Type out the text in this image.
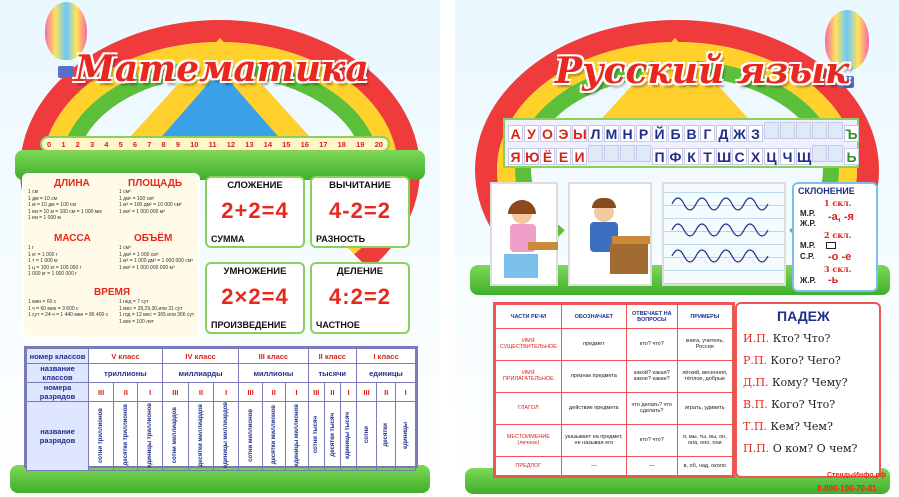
Математика
0 1 2 3 4 5 6 7 8 9 10 11 12 13 14 15 16 17 18 19 20
ДЛИНА
1 см
1 дм = 10 см
1 м = 10 дм = 100 см
1 км = 10 м = 100 см = 1 000 мм
1 км = 1 000 м
ПЛОЩАДЬ
1 см²
1 дм² = 100 см²
1 м² = 100 дм² = 10 000 см²
1 км² = 1 000 000 м²
МАССА
1 г
1 кг = 1 000 г
1 т = 1 000 кг
1 ц = 100 кг = 100 000 г
1 000 кг = 1 000 000 г
ОБЪЁМ
1 см³
1 дм³ = 1 000 см³
1 м³ = 1 000 дм³ = 1 000 000 см³
1 км³ = 1 000 000 000 м³
ВРЕМЯ
1 мин = 60 с
1 ч = 60 мин = 3 600 с
1 сут = 24 ч = 1 440 мин = 86 400 с
1 нед = 7 сут
1 мес = 28,29,30,или 31 сут
1 год = 12 мес = 365 или 366 сут
1 век = 100 лет
СЛОЖЕНИЕ
2+2=4
СУММА
ВЫЧИТАНИЕ
4-2=2
РАЗНОСТЬ
УМНОЖЕНИЕ
2×2=4
ПРОИЗВЕДЕНИЕ
ДЕЛЕНИЕ
4:2=2
ЧАСТНОЕ
номер классов	V класс			IV класс			III класс			II класс			I класс		
название классов	триллионы			миллиарды			миллионы			тысячи			единицы		
номера разрядов	III	II	I	III	II	I	III	II	I	III	II	I	III	II	I
название разрядов	сотни триллионов	десятки триллионов	единицы триллионов	сотни миллиардов	десятки миллиардов	единицы миллиардов	сотни миллионов	десятки миллионов	единицы миллионов	сотни тысяч	десятки тысяч	единицы тысяч	сотни	десятки	единицы
Русский язык
А У О Э Ы Л М Н Р Й Б В Г Д Ж З	Ъ
Я Ю Ё Е И	П Ф К Т Ш С Х Ц Ч Щ	Ь
СКЛОНЕНИЕ
1 скл.
М.Р.
Ж.Р.
-а, -я
2 скл.
М.Р.
С.Р. -о -е
3 скл.
Ж.Р. -ь
ЧАСТИ РЕЧИ	ОБОЗНАЧАЕТ	ОТВЕЧАЕТ НА ВОПРОСЫ	ПРИМЕРЫ
ИМЯ СУЩЕСТВИТЕЛЬНОЕ	предмет	кто? что?	книга, учитель, Россия
ИМЯ ПРИЛАГАТЕЛЬНОЕ	признак предмета	какой? какая? какое? какие?	лёгкий, весенняя, тёплое, добрые
ГЛАГОЛ	действие предмета	что делать? что сделать?	играть, удивить
МЕСТОИМЕНИЕ (личное)	указывает на предмет, не называя его	кто? что?	я, мы, ты, вы, он, она, оно, они
ПРЕДЛОГ	—	—	в, об, над, около
ПАДЕЖ
И.П. Кто? Что?
Р.П. Кого? Чего?
Д.П. Кому? Чему?
В.П. Кого? Что?
Т.П. Кем? Чем?
П.П. О ком? О чем?
СтендыИнфо.рф
8-800-100-70-81
